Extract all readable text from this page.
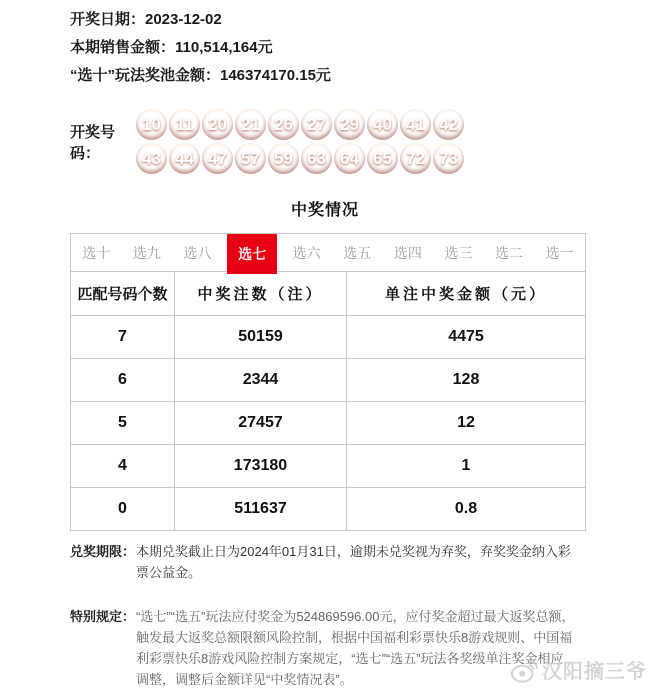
开奖日期：2023-12-02
本期销售金额：110,514,164元
“选十”玩法奖池金额：146374170.15元
开奖号码：
10 11 20 21 26 27 29 40 41 42
43 44 47 57 59 63 64 65 72 73
中奖情况
选十	选九	选八	选七	选六	选五	选四	选三	选二	选一
匹配号码个数	中奖注数（注）	单注中奖金额（元）
7	50159	4475
6	2344	128
5	27457	12
4	173180	1
0	511637	0.8
兑奖期限： 本期兑奖截止日为2024年01月31日，逾期未兑奖视为弃奖，弃奖奖金纳入彩票公益金。
特别规定： “选七”“选五”玩法应付奖金为524869596.00元，应付奖金超过最大返奖总额，触发最大返奖总额限额风险控制，根据中国福利彩票快乐8游戏规则、中国福利彩票快乐8游戏风险控制方案规定，“选七”“选五”玩法各奖级单注奖金相应调整，调整后金额详见“中奖情况表”。	汉阳摘三爷
